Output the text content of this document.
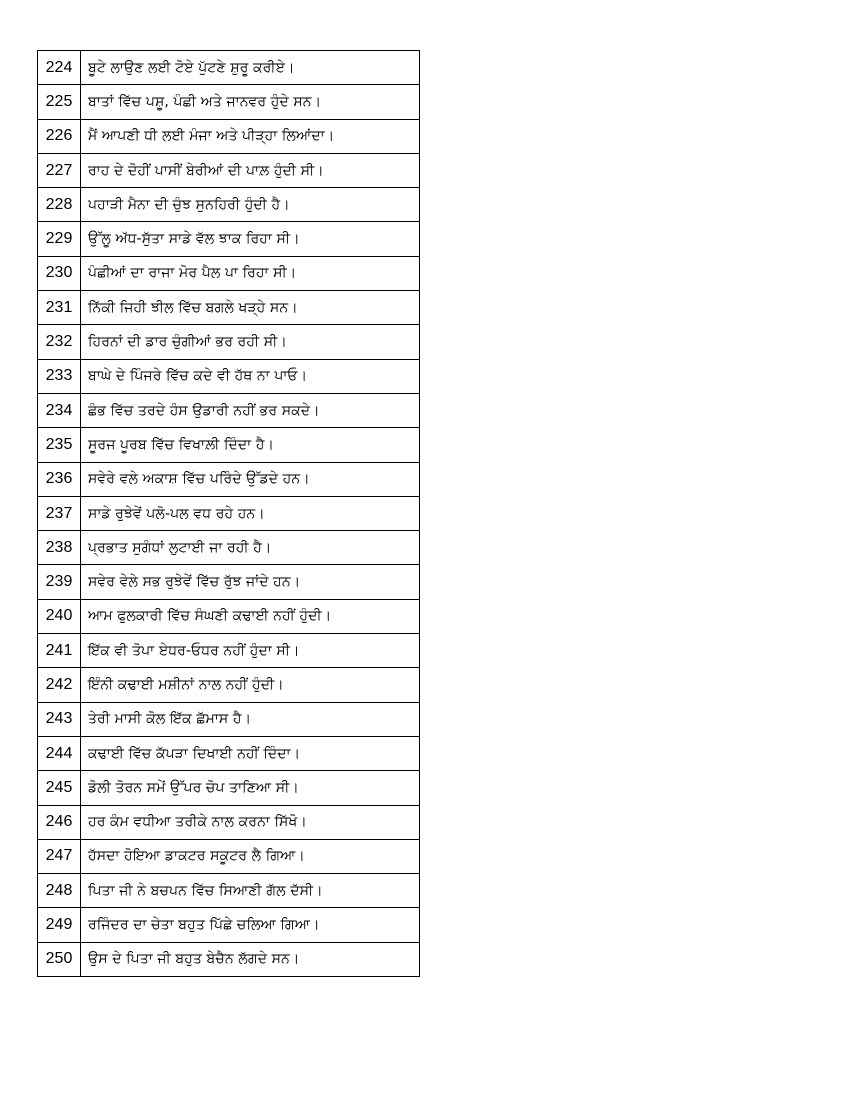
224	ਬੂਟੇ ਲਾਉਣ ਲਈ ਟੋਏ ਪੁੱਟਣੇ ਸ਼ੁਰੂ ਕਰੀਏ।
225	ਬਾਤਾਂ ਵਿੱਚ ਪਸ਼ੂ, ਪੰਛੀ ਅਤੇ ਜਾਨਵਰ ਹੁੰਦੇ ਸਨ।
226	ਮੈਂ ਆਪਣੀ ਧੀ ਲਈ ਮੰਜਾ ਅਤੇ ਪੀੜ੍ਹਾ ਲਿਆਂਦਾ।
227	ਰਾਹ ਦੇ ਦੋਹੀਂ ਪਾਸੀਂ ਬੇਰੀਆਂ ਦੀ ਪਾਲ਼ ਹੁੰਦੀ ਸੀ।
228	ਪਹਾੜੀ ਮੈਨਾ ਦੀ ਚੁੰਝ ਸੁਨਹਿਰੀ ਹੁੰਦੀ ਹੈ।
229	ਉੱਲੂ ਅੱਧ-ਸੁੱਤਾ ਸਾਡੇ ਵੱਲ ਝਾਕ ਰਿਹਾ ਸੀ।
230	ਪੰਛੀਆਂ ਦਾ ਰਾਜਾ ਮੋਰ ਪੈਲ ਪਾ ਰਿਹਾ ਸੀ।
231	ਨਿੱਕੀ ਜਿਹੀ ਝੀਲ ਵਿੱਚ ਬਗਲੇ ਖੜ੍ਹੇ ਸਨ।
232	ਹਿਰਨਾਂ ਦੀ ਡਾਰ ਚੁੰਗੀਆਂ ਭਰ ਰਹੀ ਸੀ।
233	ਬਾਘੇ ਦੇ ਪਿੰਜਰੇ ਵਿੱਚ ਕਦੇ ਵੀ ਹੱਥ ਨਾ ਪਾਓ।
234	ਛੰਭ ਵਿੱਚ ਤਰਦੇ ਹੰਸ ਉਡਾਰੀ ਨਹੀਂ ਭਰ ਸਕਦੇ।
235	ਸੂਰਜ ਪੂਰਬ ਵਿੱਚ ਵਿਖਾਲ਼ੀ ਦਿੰਦਾ ਹੈ।
236	ਸਵੇਰੇ ਵਲੇ ਅਕਾਸ਼ ਵਿੱਚ ਪਰਿੰਦੇ ਉੱਡਦੇ ਹਨ।
237	ਸਾਡੇ ਰੁਝੇਵੇਂ ਪਲੋ-ਪਲ ਵਧ ਰਹੇ ਹਨ।
238	ਪ੍ਰਭਾਤ ਸੁਗੰਧਾਂ ਲੁਟਾਈ ਜਾ ਰਹੀ ਹੈ।
239	ਸਵੇਰ ਵੇਲੇ ਸਭ ਰੁਝੇਵੇਂ ਵਿੱਚ ਰੁੱਝ ਜਾਂਦੇ ਹਨ।
240	ਆਮ ਫੁਲਕਾਰੀ ਵਿੱਚ ਸੰਘਣੀ ਕਢਾਈ ਨਹੀਂ ਹੁੰਦੀ।
241	ਇੱਕ ਵੀ ਤੋਪਾ ਏਧਰ-ਓਧਰ ਨਹੀਂ ਹੁੰਦਾ ਸੀ।
242	ਇੰਨੀ ਕਢਾਈ ਮਸ਼ੀਨਾਂ ਨਾਲ ਨਹੀਂ ਹੁੰਦੀ।
243	ਤੇਰੀ ਮਾਸੀ ਕੋਲ ਇੱਕ ਛੱਮਾਸ ਹੈ।
244	ਕਢਾਈ ਵਿੱਚ ਕੱਪੜਾ ਦਿਖਾਈ ਨਹੀਂ ਦਿੰਦਾ।
245	ਡੋਲੀ ਤੋਰਨ ਸਮੇਂ ਉੱਪਰ ਚੋਪ ਤਾਣਿਆ ਸੀ।
246	ਹਰ ਕੰਮ ਵਧੀਆ ਤਰੀਕੇ ਨਾਲ ਕਰਨਾ ਸਿੱਖੋ।
247	ਹੱਸਦਾ ਹੋਇਆ ਡਾਕਟਰ ਸਕੂਟਰ ਲੈ ਗਿਆ।
248	ਪਿਤਾ ਜੀ ਨੇ ਬਚਪਨ ਵਿੱਚ ਸਿਆਣੀ ਗੱਲ ਦੱਸੀ।
249	ਰਜਿੰਦਰ ਦਾ ਚੇਤਾ ਬਹੁਤ ਪਿੱਛੇ ਚਲਿਆ ਗਿਆ।
250	ਉਸ ਦੇ ਪਿਤਾ ਜੀ ਬਹੁਤ ਬੇਚੈਨ ਲੱਗਦੇ ਸਨ।
